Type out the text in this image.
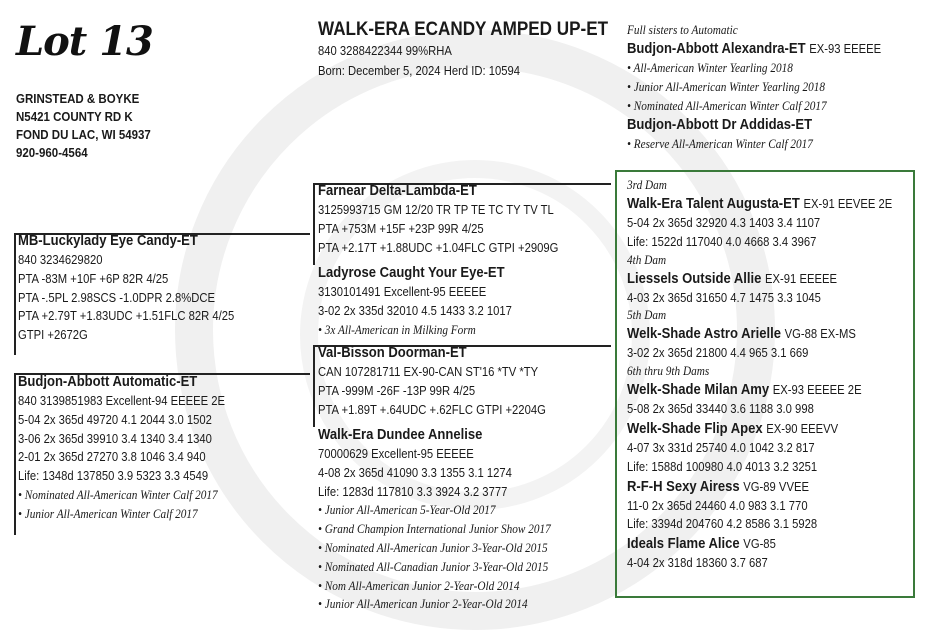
Lot 13
GRINSTEAD & BOYKE
N5421 COUNTY RD K
FOND DU LAC, WI 54937
920-960-4564
WALK-ERA ECANDY AMPED UP-ET
840 3288422344 99%RHA
Born: December 5, 2024 Herd ID: 10594
MB-Luckylady Eye Candy-ET
840 3234629820
PTA -83M +10F +6P 82R 4/25
PTA -.5PL 2.98SCS -1.0DPR 2.8%DCE
PTA +2.79T +1.83UDC +1.51FLC 82R 4/25
GTPI +2672G
Budjon-Abbott Automatic-ET
840 3139851983 Excellent-94 EEEEE 2E
5-04 2x 365d 49720 4.1 2044 3.0 1502
3-06 2x 365d 39910 3.4 1340 3.4 1340
2-01 2x 365d 27270 3.8 1046 3.4 940
Life: 1348d 137850 3.9 5323 3.3 4549
• Nominated All-American Winter Calf 2017
• Junior All-American Winter Calf 2017
Farnear Delta-Lambda-ET
3125993715 GM 12/20 TR TP TE TC TY TV TL
PTA +753M +15F +23P 99R 4/25
PTA +2.17T +1.88UDC +1.04FLC GTPI +2909G
Ladyrose Caught Your Eye-ET
3130101491 Excellent-95 EEEEE
3-02 2x 335d 32010 4.5 1433 3.2 1017
• 3x All-American in Milking Form
Val-Bisson Doorman-ET
CAN 107281711 EX-90-CAN ST'16 *TV *TY
PTA -999M -26F -13P 99R 4/25
PTA +1.89T +.64UDC +.62FLC GTPI +2204G
Walk-Era Dundee Annelise
70000629 Excellent-95 EEEEE
4-08 2x 365d 41090 3.3 1355 3.1 1274
Life: 1283d 117810 3.3 3924 3.2 3777
• Junior All-American 5-Year-Old 2017
• Grand Champion International Junior Show 2017
• Nominated All-American Junior 3-Year-Old 2015
• Nominated All-Canadian Junior 3-Year-Old 2015
• Nom All-American Junior 2-Year-Old 2014
• Junior All-American Junior 2-Year-Old 2014
Full sisters to Automatic
Budjon-Abbott Alexandra-ET EX-93 EEEEE
• All-American Winter Yearling 2018
• Junior All-American Winter Yearling 2018
• Nominated All-American Winter Calf 2017
Budjon-Abbott Dr Addidas-ET
• Reserve All-American Winter Calf 2017
3rd Dam
Walk-Era Talent Augusta-ET EX-91 EEVEE 2E
5-04 2x 365d 32920 4.3 1403 3.4 1107
Life: 1522d 117040 4.0 4668 3.4 3967
4th Dam
Liessels Outside Allie EX-91 EEEEE
4-03 2x 365d 31650 4.7 1475 3.3 1045
5th Dam
Welk-Shade Astro Arielle VG-88 EX-MS
3-02 2x 365d 21800 4.4 965 3.1 669
6th thru 9th Dams
Welk-Shade Milan Amy EX-93 EEEEE 2E
5-08 2x 365d 33440 3.6 1188 3.0 998
Welk-Shade Flip Apex EX-90 EEEVV
4-07 3x 331d 25740 4.0 1042 3.2 817
Life: 1588d 100980 4.0 4013 3.2 3251
R-F-H Sexy Airess VG-89 VVEE
11-0 2x 365d 24460 4.0 983 3.1 770
Life: 3394d 204760 4.2 8586 3.1 5928
Ideals Flame Alice VG-85
4-04 2x 318d 18360 3.7 687
